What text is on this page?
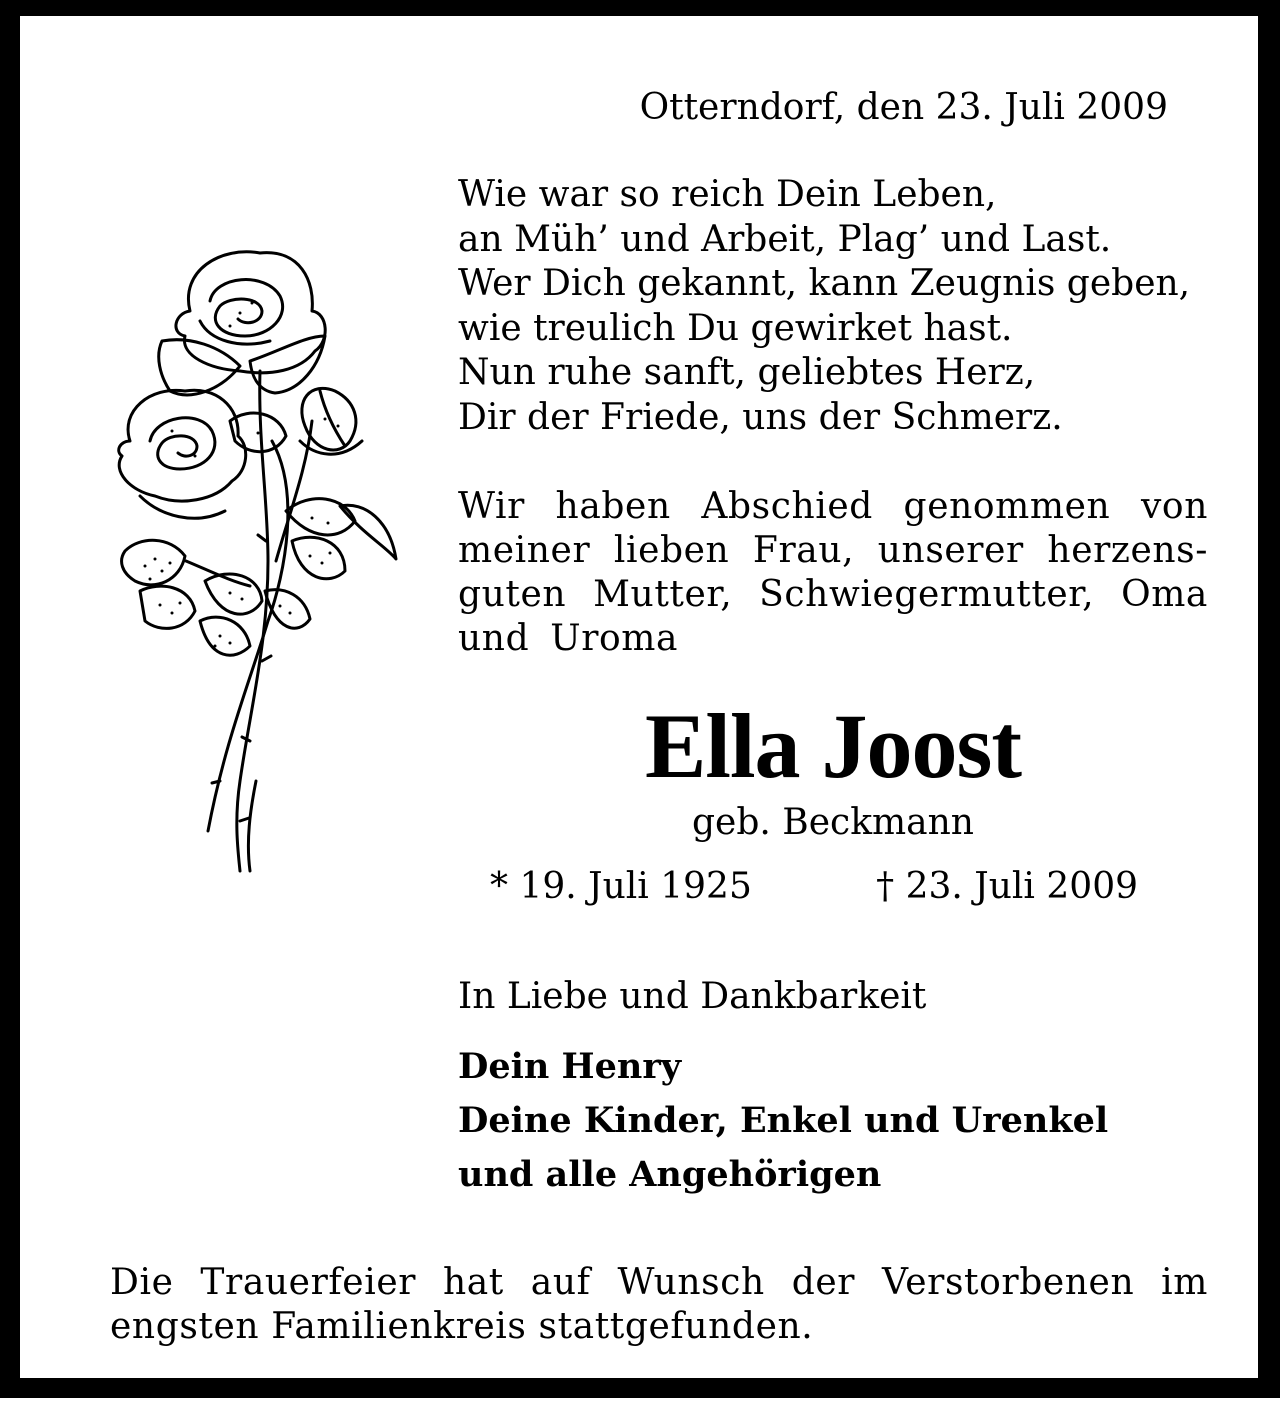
Otterndorf, den 23. Juli 2009
Wie war so reich Dein Leben,
an Müh’ und Arbeit, Plag’ und Last.
Wer Dich gekannt, kann Zeugnis geben,
wie treulich Du gewirket hast.
Nun ruhe sanft, geliebtes Herz,
Dir der Friede, uns der Schmerz.
Wir haben Abschied genommen von
meiner lieben Frau, unserer herzens-
guten Mutter, Schwiegermutter, Oma
und Uroma
Ella Joost
geb. Beckmann
* 19. Juli 1925	† 23. Juli 2009
In Liebe und Dankbarkeit
Dein Henry
Deine Kinder, Enkel und Urenkel
und alle Angehörigen
Die Trauerfeier hat auf Wunsch der Verstorbenen im
engsten Familienkreis stattgefunden.
